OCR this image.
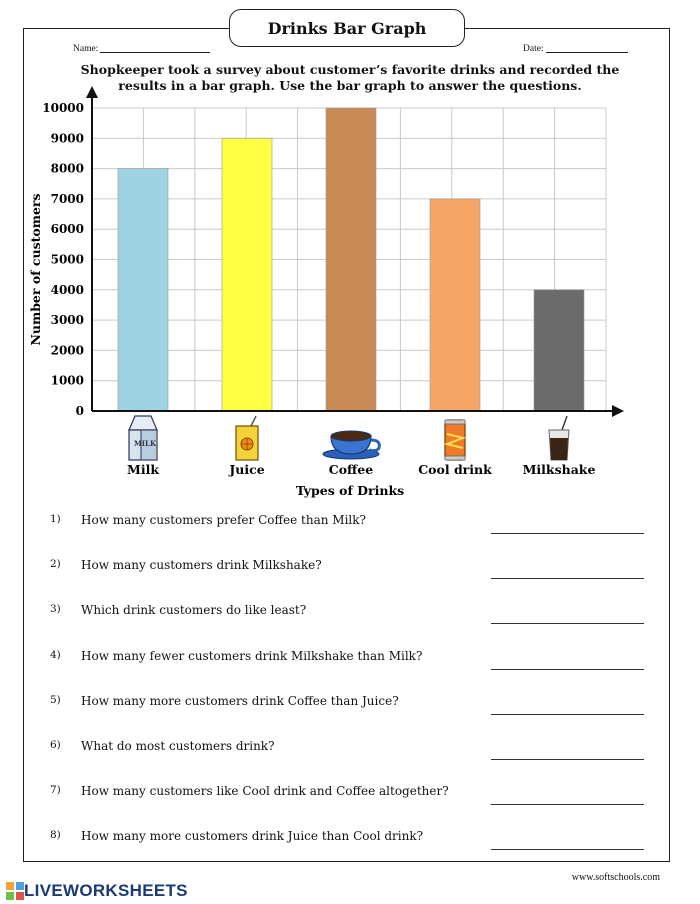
Drinks Bar Graph
Name:	Date:
Shopkeeper took a survey about customer’s favorite drinks and recorded the results in a bar graph. Use the bar graph to answer the questions.
0
1000
2000
3000
4000
5000
6000
7000
8000
9000
10000
Number of customers
MILK
Milk	Juice	Coffee	Cool drink Milkshake
Types of Drinks
1) How many customers prefer Coffee than Milk?
2) How many customers drink Milkshake?
3) Which drink customers do like least?
4) How many fewer customers drink Milkshake than Milk?
5) How many more customers drink Coffee than Juice?
6) What do most customers drink?
7) How many customers like Cool drink and Coffee altogether?
8) How many more customers drink Juice than Cool drink?
www.softschools.com
LIVEWORKSHEETS
